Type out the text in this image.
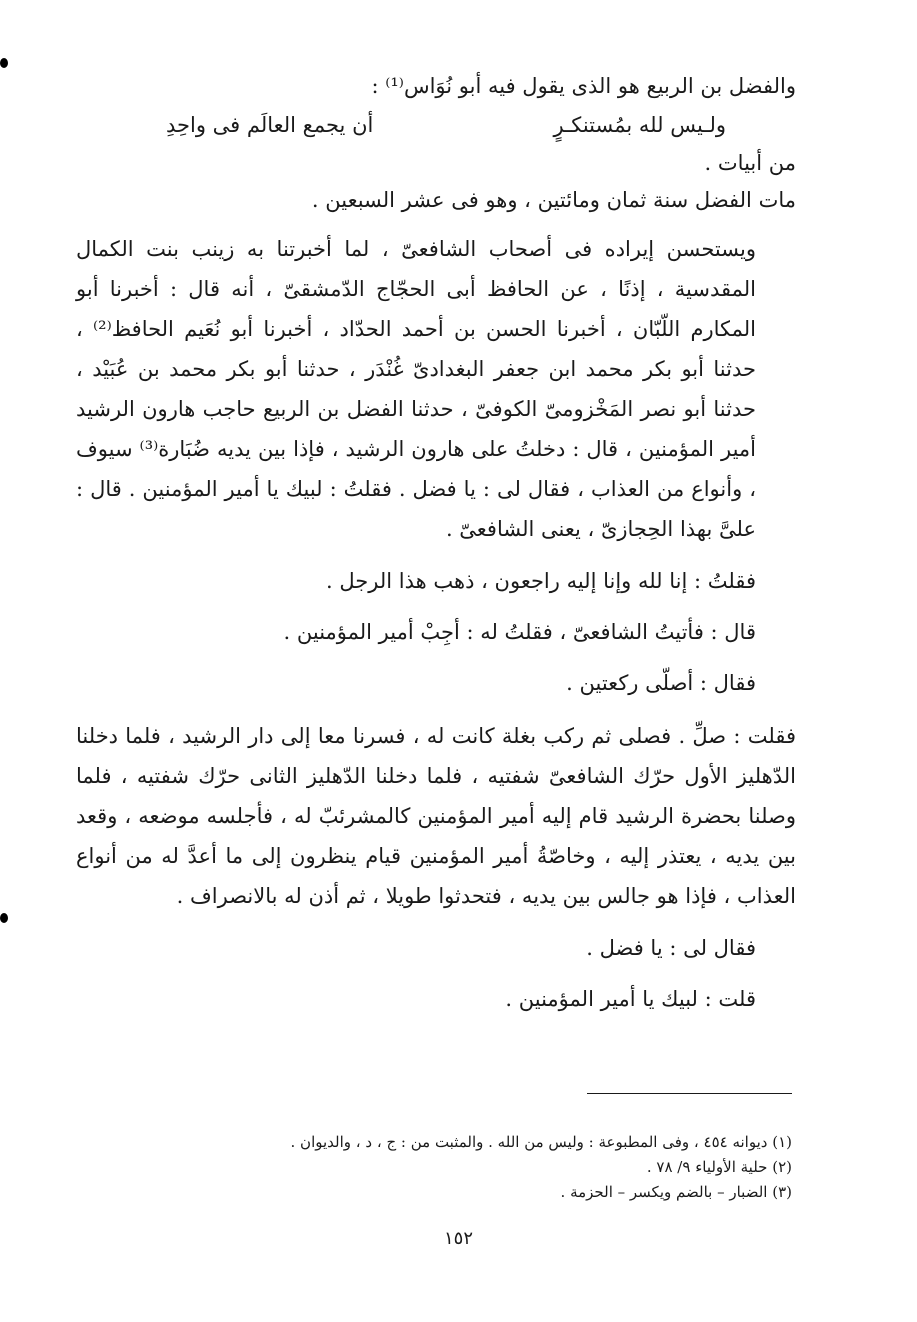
والفضل بن الربيع هو الذى يقول فيه أبو نُوَاس⁽¹⁾ :

ولـيس لله بمُستنكـرٍ
أن يجمع العالَم فى واحِدِ

من أبيات .

مات الفضل سنة ثمان ومائتين ، وهو فى عشر السبعين .

ويستحسن إيراده فى أصحاب الشافعىّ ، لما أخبرتنا به زينب بنت الكمال المقدسية ، إذنًا ، عن الحافظ أبى الحجّاج الدّمشقىّ ، أنه قال : أخبرنا أبو المكارم اللّبّان ، أخبرنا الحسن بن أحمد الحدّاد ، أخبرنا أبو نُعَيم الحافظ⁽²⁾ ، حدثنا أبو بكر محمد ابن جعفر البغدادىّ غُنْدَر ، حدثنا أبو بكر محمد بن عُبَيْد ، حدثنا أبو نصر المَخْزومىّ الكوفىّ ، حدثنا الفضل بن الربيع حاجب هارون الرشيد أمير المؤمنين ، قال : دخلتُ على هارون الرشيد ، فإذا بين يديه ضُبَارة⁽³⁾ سيوف ، وأنواع من العذاب ، فقال لى : يا فضل . فقلتُ : لبيك يا أمير المؤمنين . قال : علىَّ بهذا الحِجازىّ ، يعنى الشافعىّ .

فقلتُ : إنا لله وإنا إليه راجعون ، ذهب هذا الرجل .

قال : فأتيتُ الشافعىّ ، فقلتُ له : أجِبْ أمير المؤمنين .

فقال : أصلّى ركعتين .

فقلت : صلِّ . فصلى ثم ركب بغلة كانت له ، فسرنا معا إلى دار الرشيد ، فلما دخلنا الدّهليز الأول حرّك الشافعىّ شفتيه ، فلما دخلنا الدّهليز الثانى حرّك شفتيه ، فلما وصلنا بحضرة الرشيد قام إليه أمير المؤمنين كالمشرئبّ له ، فأجلسه موضعه ، وقعد بين يديه ، يعتذر إليه ، وخاصّةُ أمير المؤمنين قيام ينظرون إلى ما أعدَّ له من أنواع العذاب ، فإذا هو جالس بين يديه ، فتحدثوا طويلا ، ثم أذن له بالانصراف .

فقال لى : يا فضل .

قلت : لبيك يا أمير المؤمنين .

(١) ديوانه ٤٥٤ ، وفى المطبوعة : وليس من الله . والمثبت من : ج ، د ، والديوان .

(٢) حلية الأولياء ٩/ ٧٨ .

(٣) الضبار – بالضم ويكسر – الحزمة .

١٥٢
